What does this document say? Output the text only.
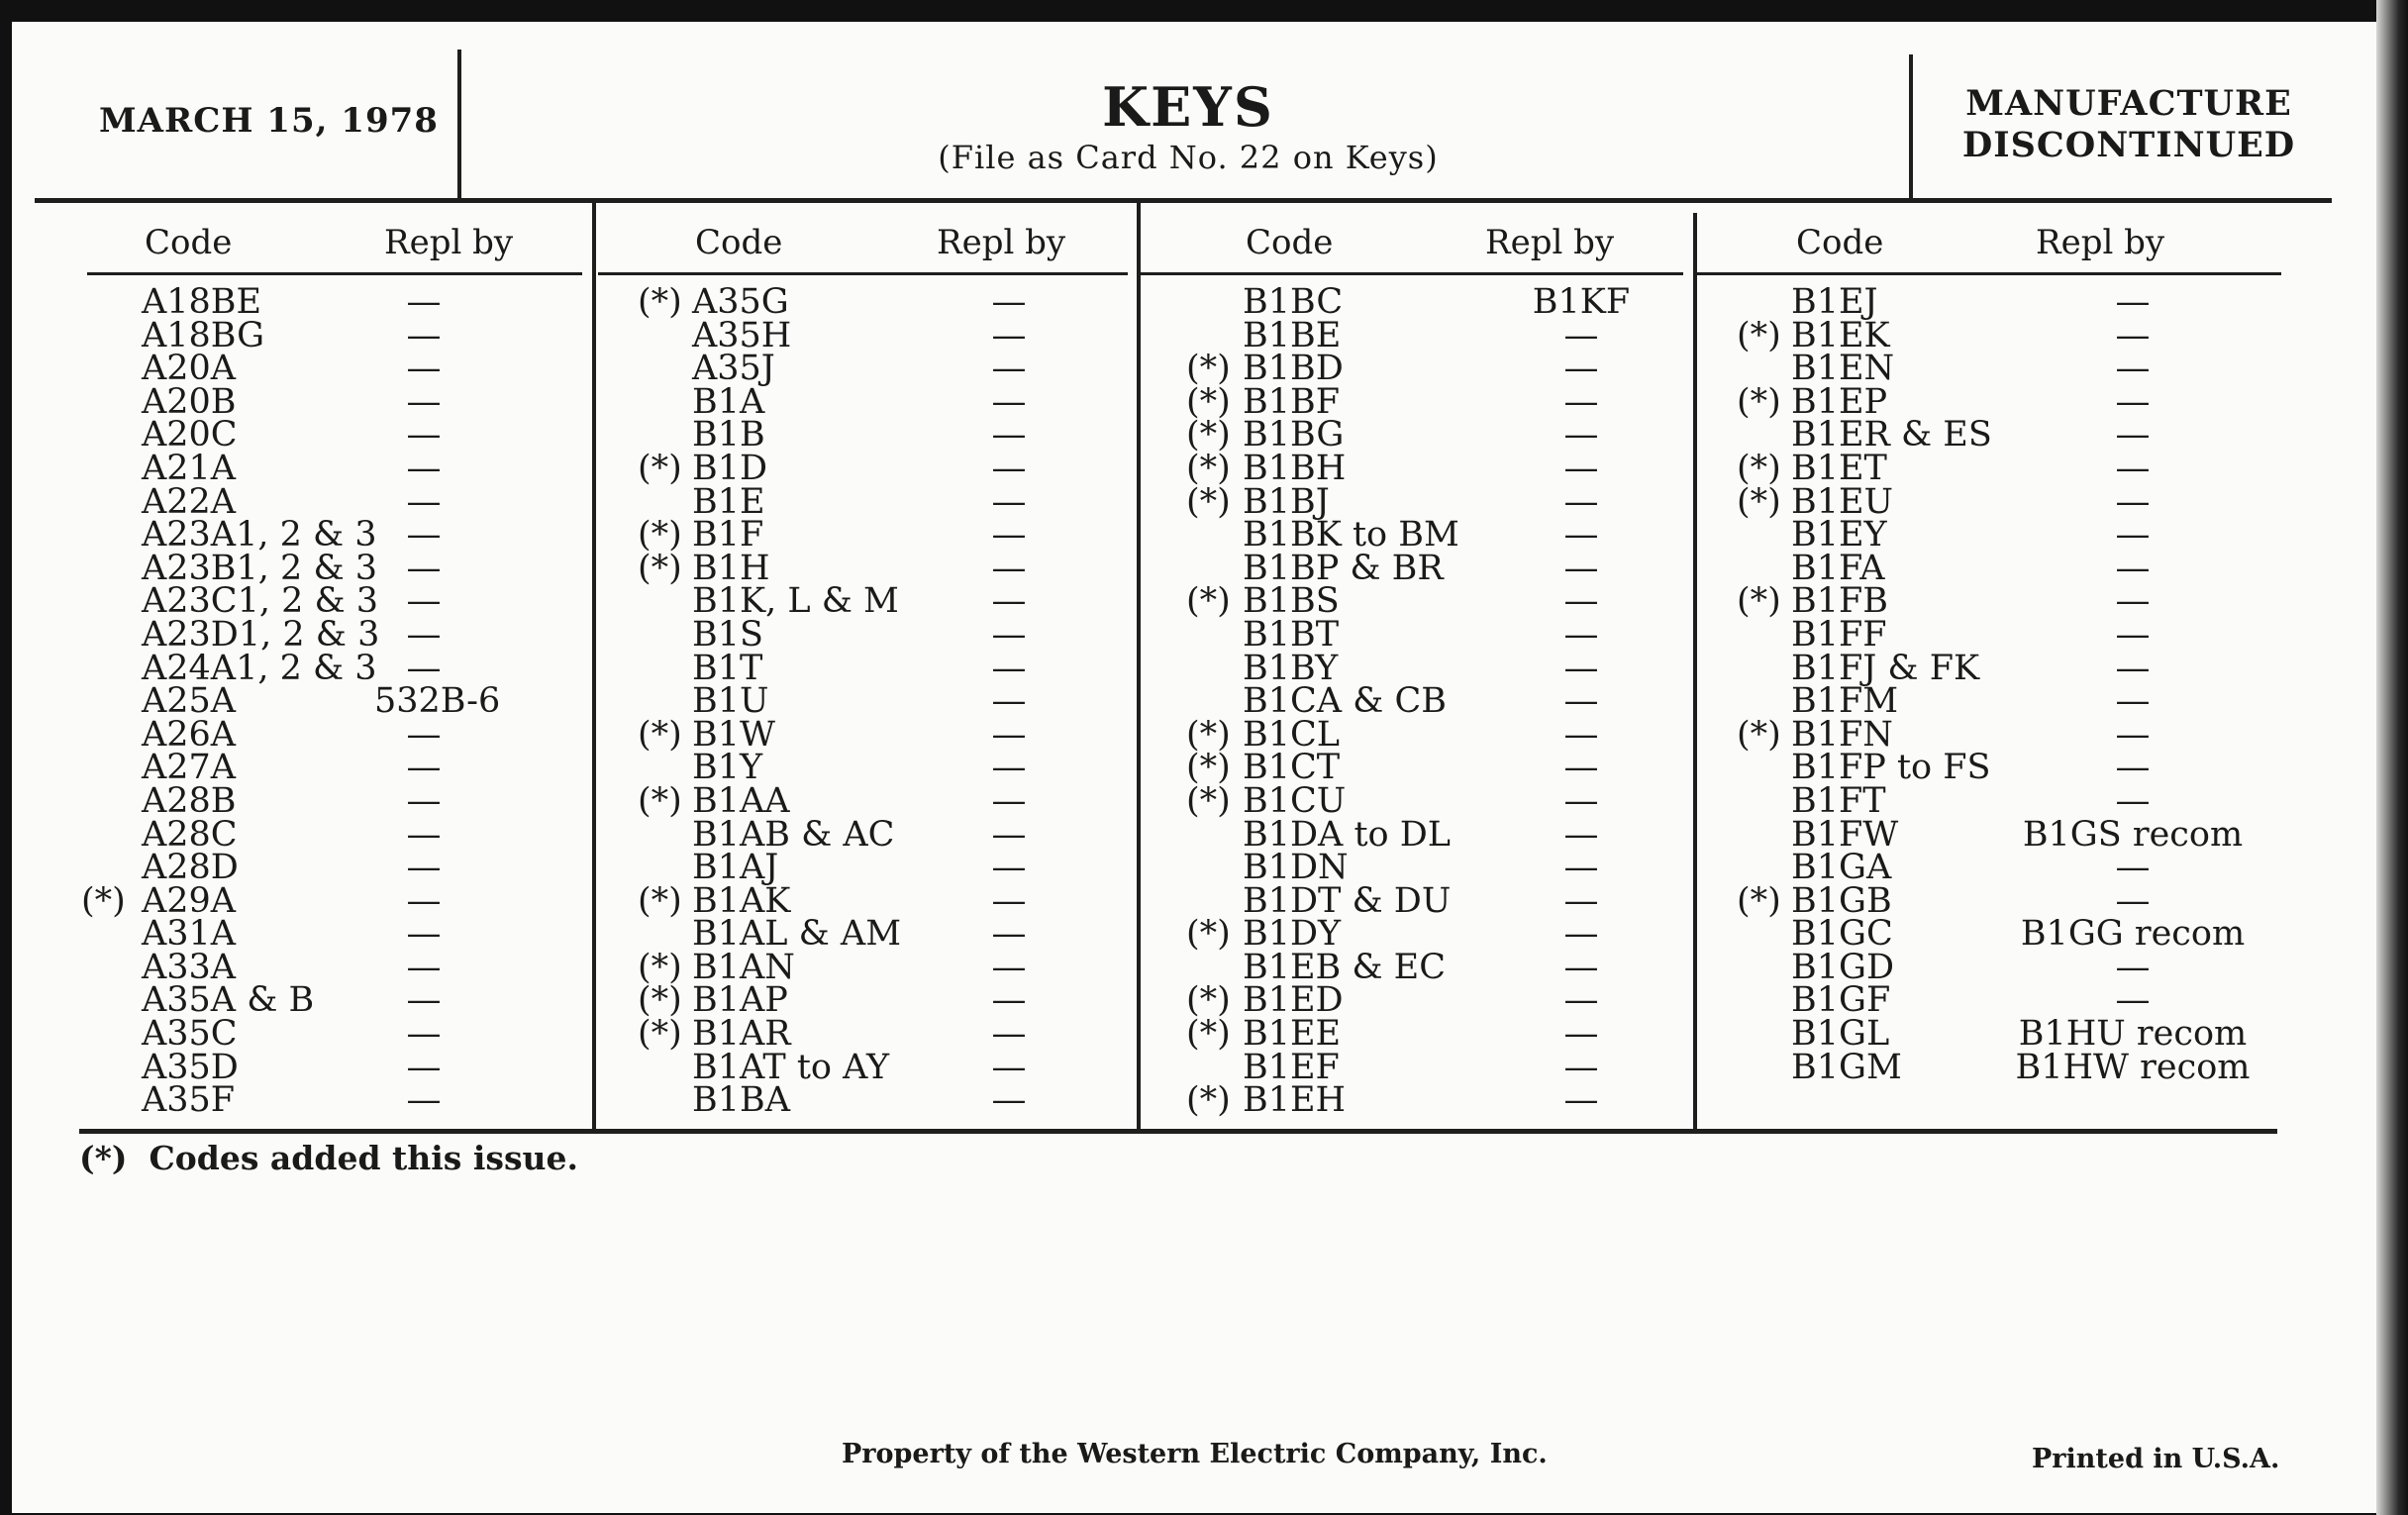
MARCH 15, 1978	KEYS
(File as Card No. 22 on Keys)
MANUFACTURE DISCONTINUED
Code	Repl by
A18BE	—
A18BG	—
A20A	—
A20B	—
A20C	—
A21A	—
A22A	—
A23A1, 2 & 3 —
A23B1, 2 & 3 —
A23C1, 2 & 3 —
A23D1, 2 & 3 —
A24A1, 2 & 3 —
A25A	532B-6
A26A	—
A27A	—
A28B	—
A28C	—
A28D	—
(*) A29A	—
A31A	—
A33A	—
A35A & B	—
A35C	—
A35D	—
A35F	—
Code	Repl by
(*) A35G	—
A35H	—
A35J	—
B1A	—
B1B	—
(*) B1D	—
B1E	—
(*) B1F	—
(*) B1H	—
B1K, L & M	—
B1S	—
B1T	—
B1U	—
(*) B1W	—
B1Y	—
(*) B1AA	—
B1AB & AC	—
B1AJ	—
(*) B1AK	—
B1AL & AM	—
(*) B1AN	—
(*) B1AP	—
(*) B1AR	—
B1AT to AY	—
B1BA	—
Code	Repl by
B1BC	B1KF
B1BE	—
(*) B1BD	—
(*) B1BF	—
(*) B1BG	—
(*) B1BH	—
(*) B1BJ	—
B1BK to BM	—
B1BP & BR	—
(*) B1BS	—
B1BT	—
B1BY	—
B1CA & CB	—
(*) B1CL	—
(*) B1CT	—
(*) B1CU	—
B1DA to DL	—
B1DN	—
B1DT & DU	—
(*) B1DY	—
B1EB & EC	—
(*) B1ED	—
(*) B1EE	—
B1EF	—
(*) B1EH	—
Code	Repl by
B1EJ	—
(*) B1EK	—
B1EN	—
(*) B1EP	—
B1ER & ES	—
(*) B1ET	—
(*) B1EU	—
B1EY	—
B1FA	—
(*) B1FB	—
B1FF	—
B1FJ & FK	—
B1FM	—
(*) B1FN	—
B1FP to FS	—
B1FT	—
B1FW	B1GS recom
B1GA	—
(*) B1GB	—
B1GC	B1GG recom
B1GD	—
B1GF	—
B1GL	B1HU recom
B1GM	B1HW recom
(*) Codes added this issue.
Property of the Western Electric Company, Inc.	Printed in U.S.A.
